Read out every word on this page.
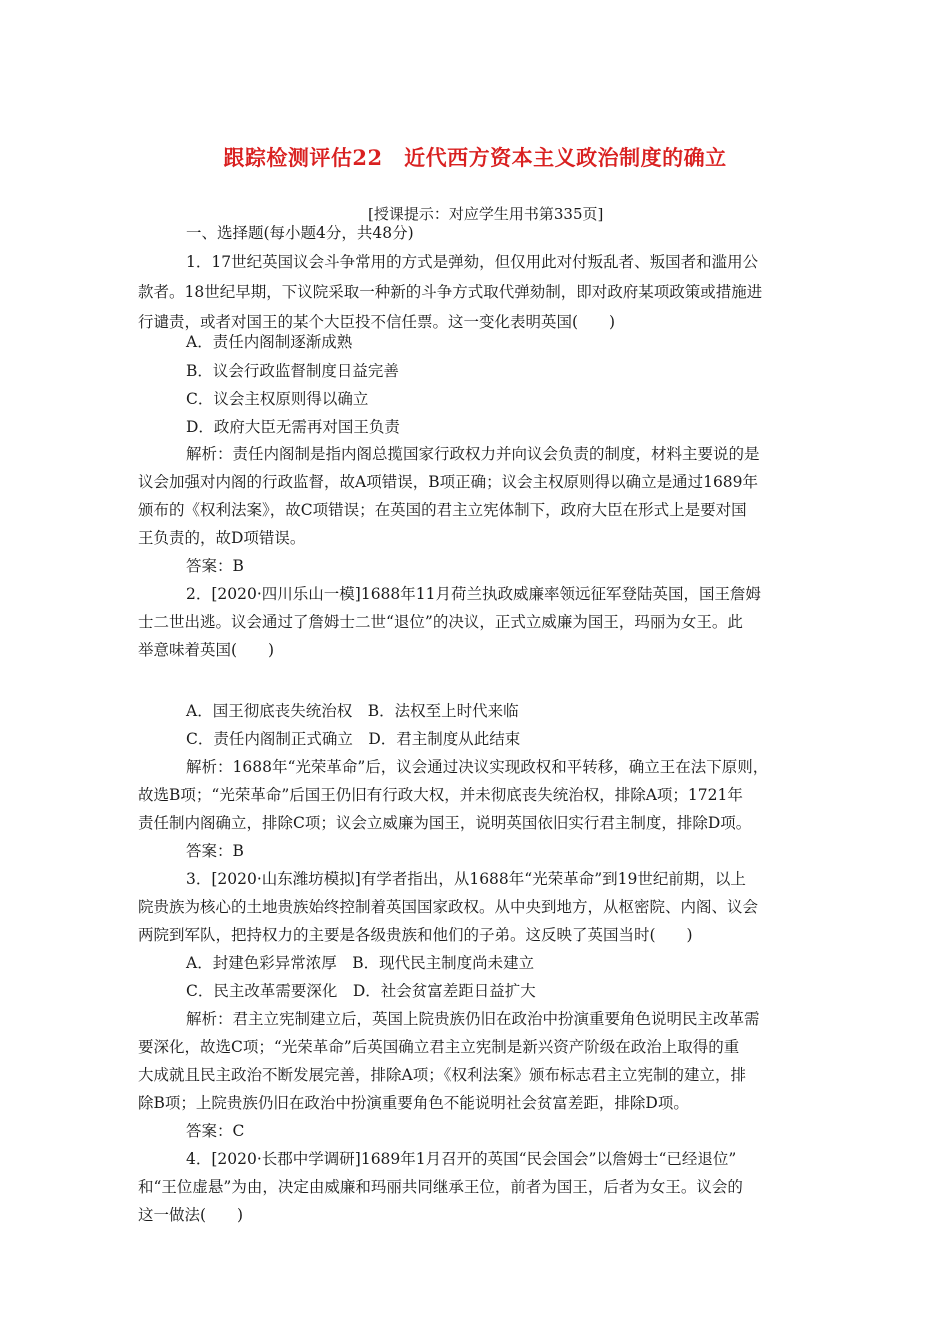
跟踪检测评估22　近代西方资本主义政治制度的确立
[授课提示：对应学生用书第335页]
一、选择题(每小题4分，共48分)
1．17世纪英国议会斗争常用的方式是弹劾，但仅用此对付叛乱者、叛国者和滥用公
款者。18世纪早期，下议院采取一种新的斗争方式取代弹劾制，即对政府某项政策或措施进
行谴责，或者对国王的某个大臣投不信任票。这一变化表明英国(　　)
A．责任内阁制逐渐成熟
B．议会行政监督制度日益完善
C．议会主权原则得以确立
D．政府大臣无需再对国王负责
解析：责任内阁制是指内阁总揽国家行政权力并向议会负责的制度，材料主要说的是
议会加强对内阁的行政监督，故A项错误，B项正确；议会主权原则得以确立是通过1689年
颁布的《权利法案》，故C项错误；在英国的君主立宪体制下，政府大臣在形式上是要对国
王负责的，故D项错误。
答案：B
2．[2020·四川乐山一模]1688年11月荷兰执政威廉率领远征军登陆英国，国王詹姆
士二世出逃。议会通过了詹姆士二世“退位”的决议，正式立威廉为国王，玛丽为女王。此
举意味着英国(　　)
A．国王彻底丧失统治权　B．法权至上时代来临
C．责任内阁制正式确立　D．君主制度从此结束
解析：1688年“光荣革命”后，议会通过决议实现政权和平转移，确立王在法下原则，
故选B项；“光荣革命”后国王仍旧有行政大权，并未彻底丧失统治权，排除A项；1721年
责任制内阁确立，排除C项；议会立威廉为国王，说明英国依旧实行君主制度，排除D项。
答案：B
3．[2020·山东潍坊模拟]有学者指出，从1688年“光荣革命”到19世纪前期，以上
院贵族为核心的土地贵族始终控制着英国国家政权。从中央到地方，从枢密院、内阁、议会
两院到军队，把持权力的主要是各级贵族和他们的子弟。这反映了英国当时(　　)
A．封建色彩异常浓厚　B．现代民主制度尚未建立
C．民主改革需要深化　D．社会贫富差距日益扩大
解析：君主立宪制建立后，英国上院贵族仍旧在政治中扮演重要角色说明民主改革需
要深化，故选C项；“光荣革命”后英国确立君主立宪制是新兴资产阶级在政治上取得的重
大成就且民主政治不断发展完善，排除A项；《权利法案》颁布标志君主立宪制的建立，排
除B项；上院贵族仍旧在政治中扮演重要角色不能说明社会贫富差距，排除D项。
答案：C
4．[2020·长郡中学调研]1689年1月召开的英国“民会国会”以詹姆士“已经退位”
和“王位虚悬”为由，决定由威廉和玛丽共同继承王位，前者为国王，后者为女王。议会的
这一做法(　　)
